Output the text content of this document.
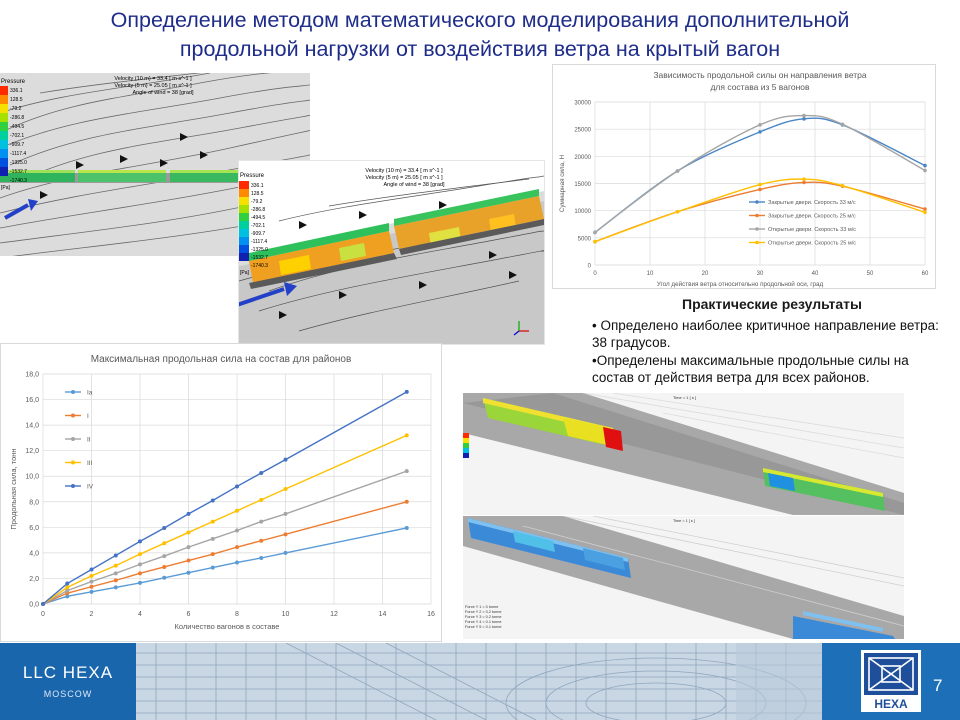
Определение методом математического моделирования дополнительной
продольной нагрузки от воздействия ветра на крытый вагон
Pressure
336.1
128.5
-79.2
-286.8
-494.5
-702.1
-909.7
-1117.4
-1325.0
-1532.7
-1740.3
[Pa]
Velocity (10 m) = 33.4 [ m s^-1 ]
Velocity (5 m) = 25.05 [ m s^-1 ]
Angle of wind = 38 [grad]
Pressure
336.1
128.5
-79.2
-286.8
-494.5
-702.1
-909.7
-1117.4
-1325.0
-1532.7
-1740.3
[Pa]
Velocity (10 m) = 33.4 [ m s^-1 ]
Velocity (5 m) = 25.05 [ m s^-1 ]
Angle of wind = 38 [grad]
Зависимость продольной силы он направления ветра
для состава из 5 вагонов
0
5000
10000
15000
20000
25000
30000
0	10	20	30	40	50	60
Угол действия ветра относительно продольной оси, град
Суммарная сила, Н	Закрытые двери. Скорость 33 м/с
Закрытые двери. Скорость 25 м/с
Открытые двери. Скорость 33 м/с
Открытые двери. Скорость 25 м/с

Практические результаты

• Определено наиболее критичное направление ветра: 38 градусов.

•Определены максимальные продольные силы на состав от действия ветра для всех районов.

Максимальная продольная сила на состав для районов
0,0
2,0
4,0
6,0
8,0
10,0
12,0
14,0
16,0
18,0
0	2	4	6	8	10	12	14	16
Количество вагонов в составе
Продольная сила, тонн
Ia
I
II
III
IV
Time = 1 [ s ]
Time = 1 [ s ]
Force Y 1 = 0 tonne
Force Y 2 = 0.2 tonne
Force Y 3 = 0.2 tonne
Force Y 4 = 0.1 tonne
Force Y 5 = 0.1 tonne
LLC HEXA
MOSCOW
HEXA
7
